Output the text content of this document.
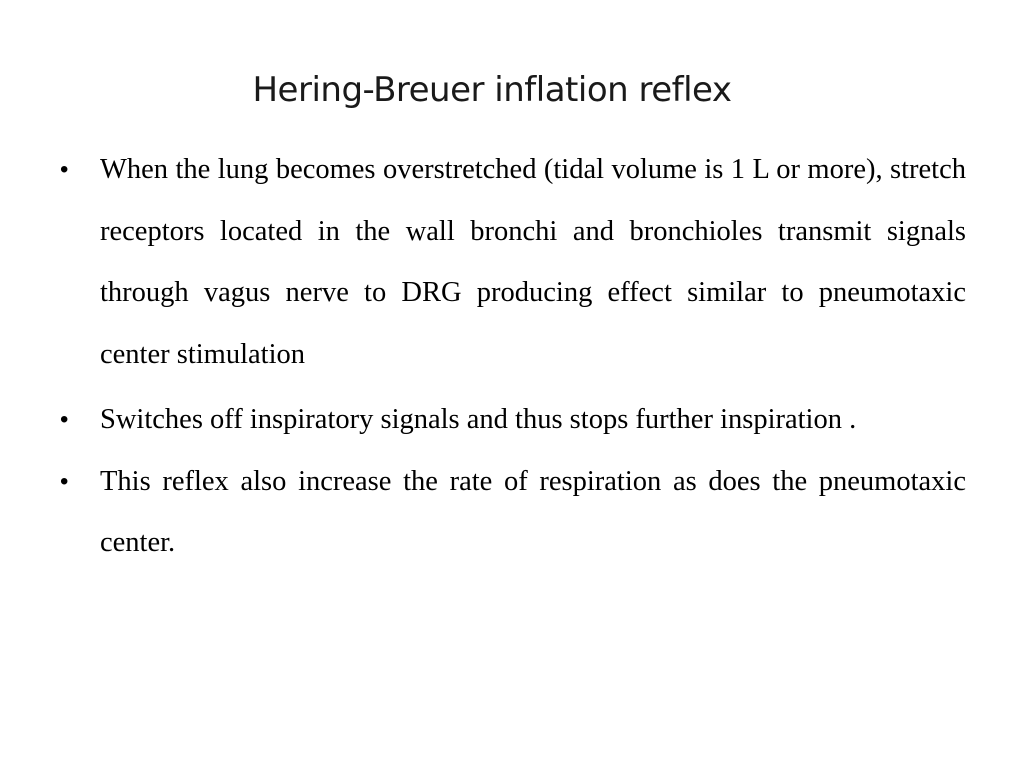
Hering-Breuer inflation reflex
• When the lung becomes overstretched (tidal volume is 1 L or more), stretch receptors located in the wall bronchi and bronchioles transmit signals through vagus nerve to DRG producing effect similar to pneumotaxic center stimulation
• Switches off inspiratory signals and thus stops further inspiration .
• This reflex also increase the rate of respiration as does the pneumotaxic center.
